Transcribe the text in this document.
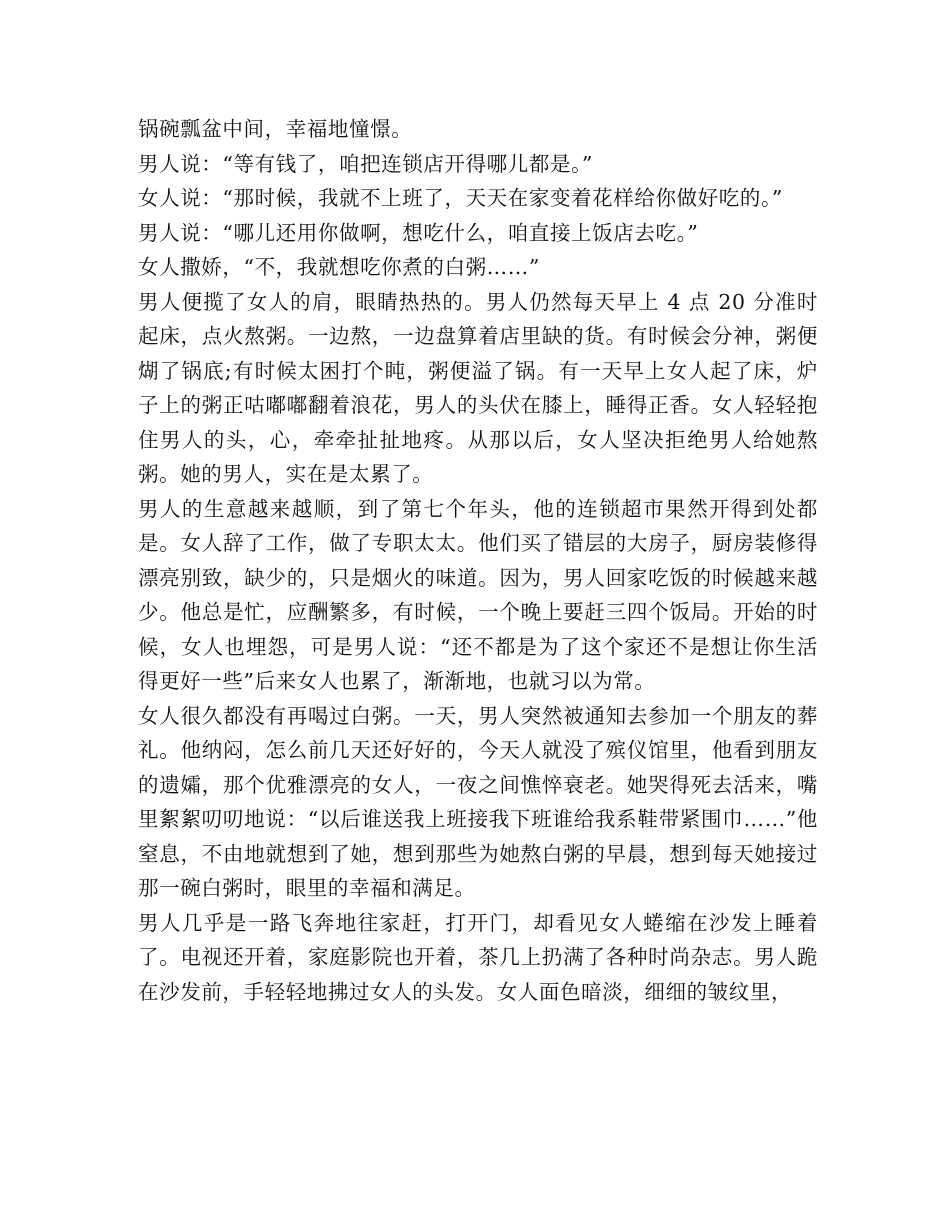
锅碗瓢盆中间，幸福地憧憬。

男人说：“等有钱了，咱把连锁店开得哪儿都是。”

女人说：“那时候，我就不上班了，天天在家变着花样给你做好吃的。”

男人说：“哪儿还用你做啊，想吃什么，咱直接上饭店去吃。”

女人撒娇，“不，我就想吃你煮的白粥……”

男人便揽了女人的肩，眼睛热热的。男人仍然每天早上 4 点 20 分准时起床，点火熬粥。一边熬，一边盘算着店里缺的货。有时候会分神，粥便煳了锅底;有时候太困打个盹，粥便溢了锅。有一天早上女人起了床，炉子上的粥正咕嘟嘟翻着浪花，男人的头伏在膝上，睡得正香。女人轻轻抱住男人的头，心，牵牵扯扯地疼。从那以后，女人坚决拒绝男人给她熬粥。她的男人，实在是太累了。

男人的生意越来越顺，到了第七个年头，他的连锁超市果然开得到处都是。女人辞了工作，做了专职太太。他们买了错层的大房子，厨房装修得漂亮别致，缺少的，只是烟火的味道。因为，男人回家吃饭的时候越来越少。他总是忙，应酬繁多，有时候，一个晚上要赶三四个饭局。开始的时候，女人也埋怨，可是男人说：“还不都是为了这个家还不是想让你生活得更好一些”后来女人也累了，渐渐地，也就习以为常。

女人很久都没有再喝过白粥。一天，男人突然被通知去参加一个朋友的葬礼。他纳闷，怎么前几天还好好的，今天人就没了殡仪馆里，他看到朋友的遗孀，那个优雅漂亮的女人，一夜之间憔悴衰老。她哭得死去活来，嘴里絮絮叨叨地说：“以后谁送我上班接我下班谁给我系鞋带紧围巾……”他窒息，不由地就想到了她，想到那些为她熬白粥的早晨，想到每天她接过那一碗白粥时，眼里的幸福和满足。

男人几乎是一路飞奔地往家赶，打开门，却看见女人蜷缩在沙发上睡着了。电视还开着，家庭影院也开着，茶几上扔满了各种时尚杂志。男人跪在沙发前，手轻轻地拂过女人的头发。女人面色暗淡，细细的皱纹里，
